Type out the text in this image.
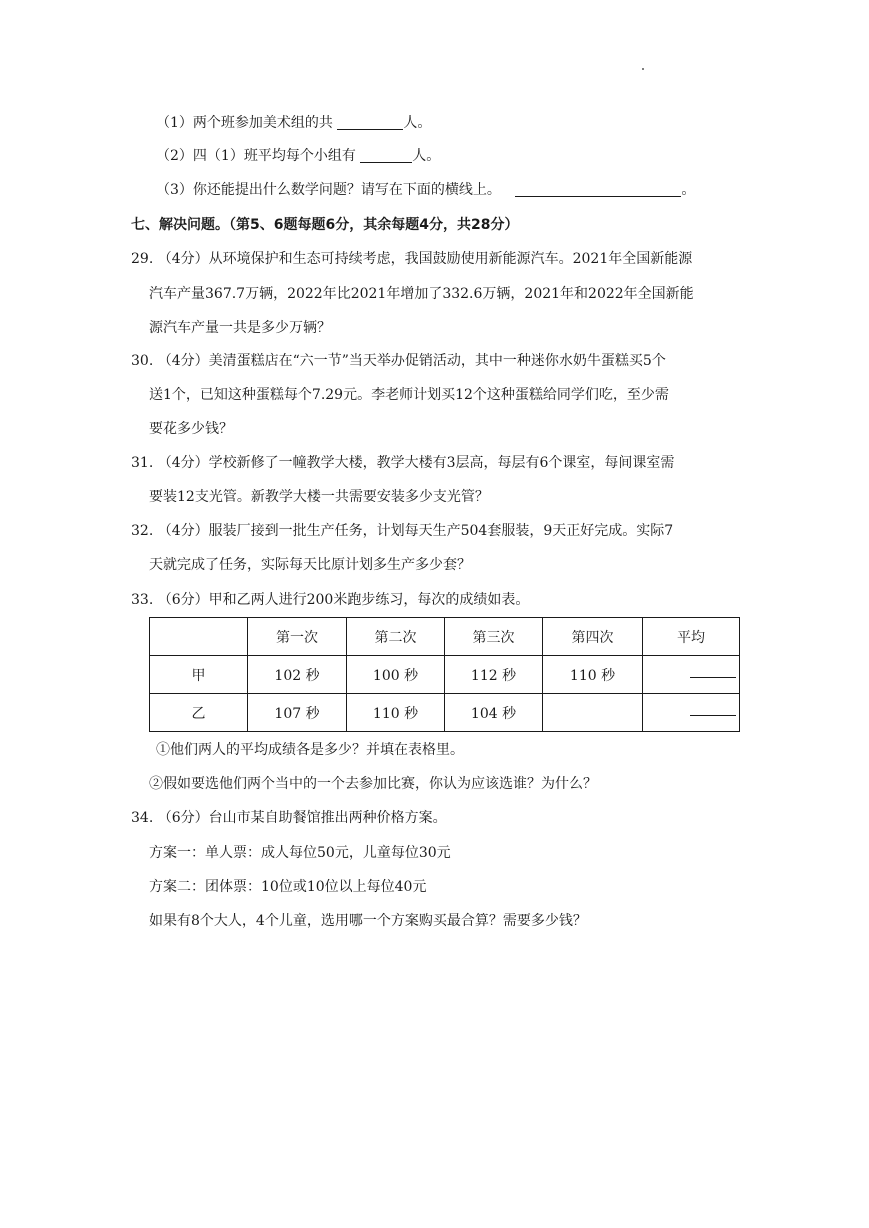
（1）两个班参加美术组的共	人。
（2）四（1）班平均每个小组有	人。
（3）你还能提出什么数学问题？请写在下面的横线上。	。
七、解决问题。（第5、6题每题6分，其余每题4分，共28分）
29. （4分）从环境保护和生态可持续考虑，我国鼓励使用新能源汽车。2021年全国新能源
汽车产量367.7万辆，2022年比2021年增加了332.6万辆，2021年和2022年全国新能
源汽车产量一共是多少万辆？
30. （4分）美清蛋糕店在“六一节”当天举办促销活动，其中一种迷你水奶牛蛋糕买5个
送1个，已知这种蛋糕每个7.29元。李老师计划买12个这种蛋糕给同学们吃，至少需
要花多少钱？
31. （4分）学校新修了一幢教学大楼，教学大楼有3层高，每层有6个课室，每间课室需
要装12支光管。新教学大楼一共需要安装多少支光管？
32. （4分）服装厂接到一批生产任务，计划每天生产504套服装，9天正好完成。实际7
天就完成了任务，实际每天比原计划多生产多少套？
33. （6分）甲和乙两人进行200米跑步练习，每次的成绩如表。
	第一次	第二次	第三次	第四次	平均
甲	102 秒	100 秒	112 秒	110 秒	
乙	107 秒	110 秒	104 秒		
①他们两人的平均成绩各是多少？并填在表格里。
②假如要选他们两个当中的一个去参加比赛，你认为应该选谁？为什么？
34. （6分）台山市某自助餐馆推出两种价格方案。
方案一：单人票：成人每位50元，儿童每位30元
方案二：团体票：10位或10位以上每位40元
如果有8个大人，4个儿童，选用哪一个方案购买最合算？需要多少钱？
